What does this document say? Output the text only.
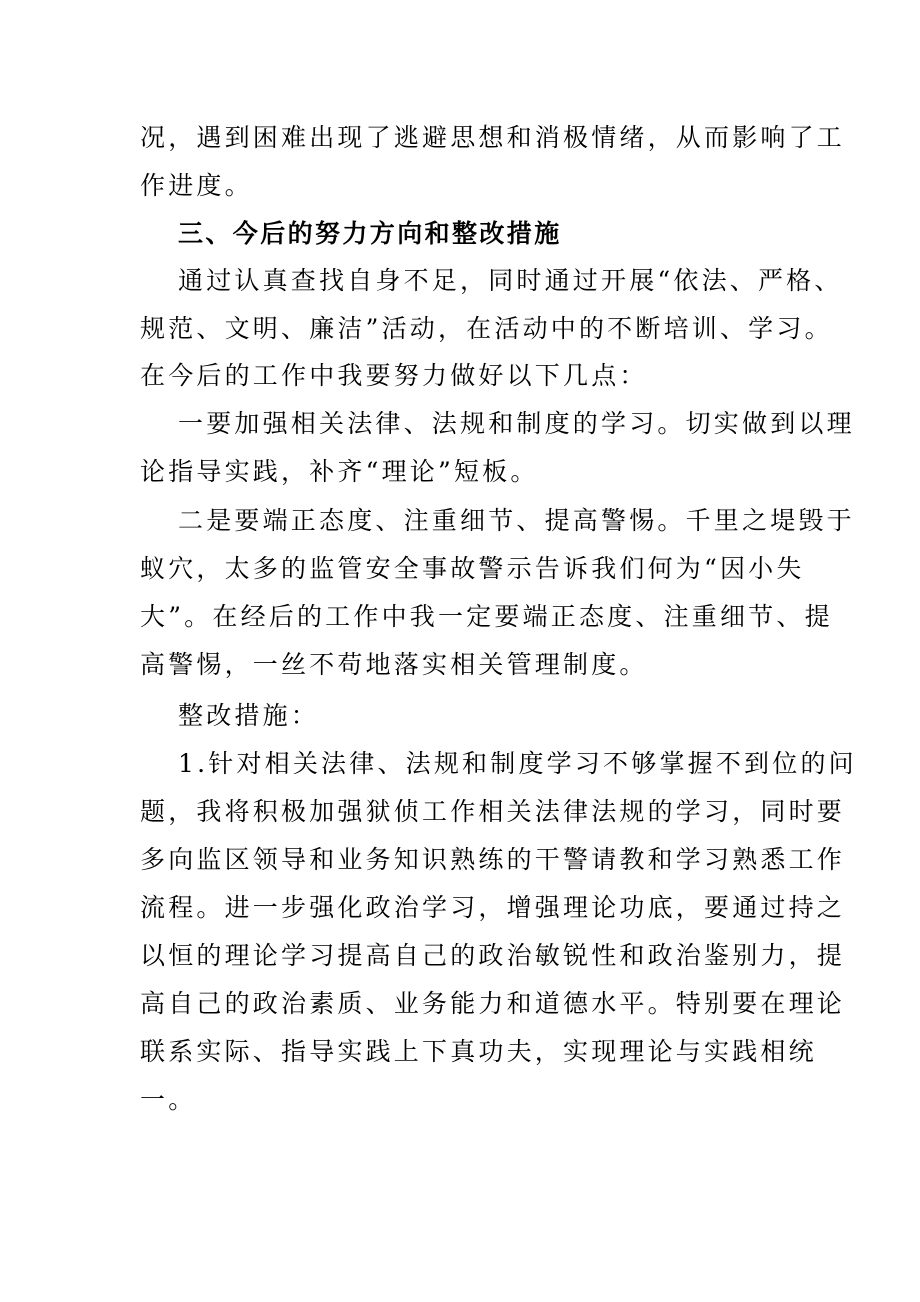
况，遇到困难出现了逃避思想和消极情绪，从而影响了工
作进度。
三、今后的努力方向和整改措施
通过认真查找自身不足，同时通过开展“依法、严格、
规范、文明、廉洁”活动，在活动中的不断培训、学习。
在今后的工作中我要努力做好以下几点：
一要加强相关法律、法规和制度的学习。切实做到以理
论指导实践，补齐“理论”短板。
二是要端正态度、注重细节、提高警惕。千里之堤毁于
蚁穴，太多的监管安全事故警示告诉我们何为“因小失
大”。在经后的工作中我一定要端正态度、注重细节、提
高警惕，一丝不苟地落实相关管理制度。
整改措施：
1.针对相关法律、法规和制度学习不够掌握不到位的问
题，我将积极加强狱侦工作相关法律法规的学习，同时要
多向监区领导和业务知识熟练的干警请教和学习熟悉工作
流程。进一步强化政治学习，增强理论功底，要通过持之
以恒的理论学习提高自己的政治敏锐性和政治鉴别力，提
高自己的政治素质、业务能力和道德水平。特别要在理论
联系实际、指导实践上下真功夫，实现理论与实践相统
一。
